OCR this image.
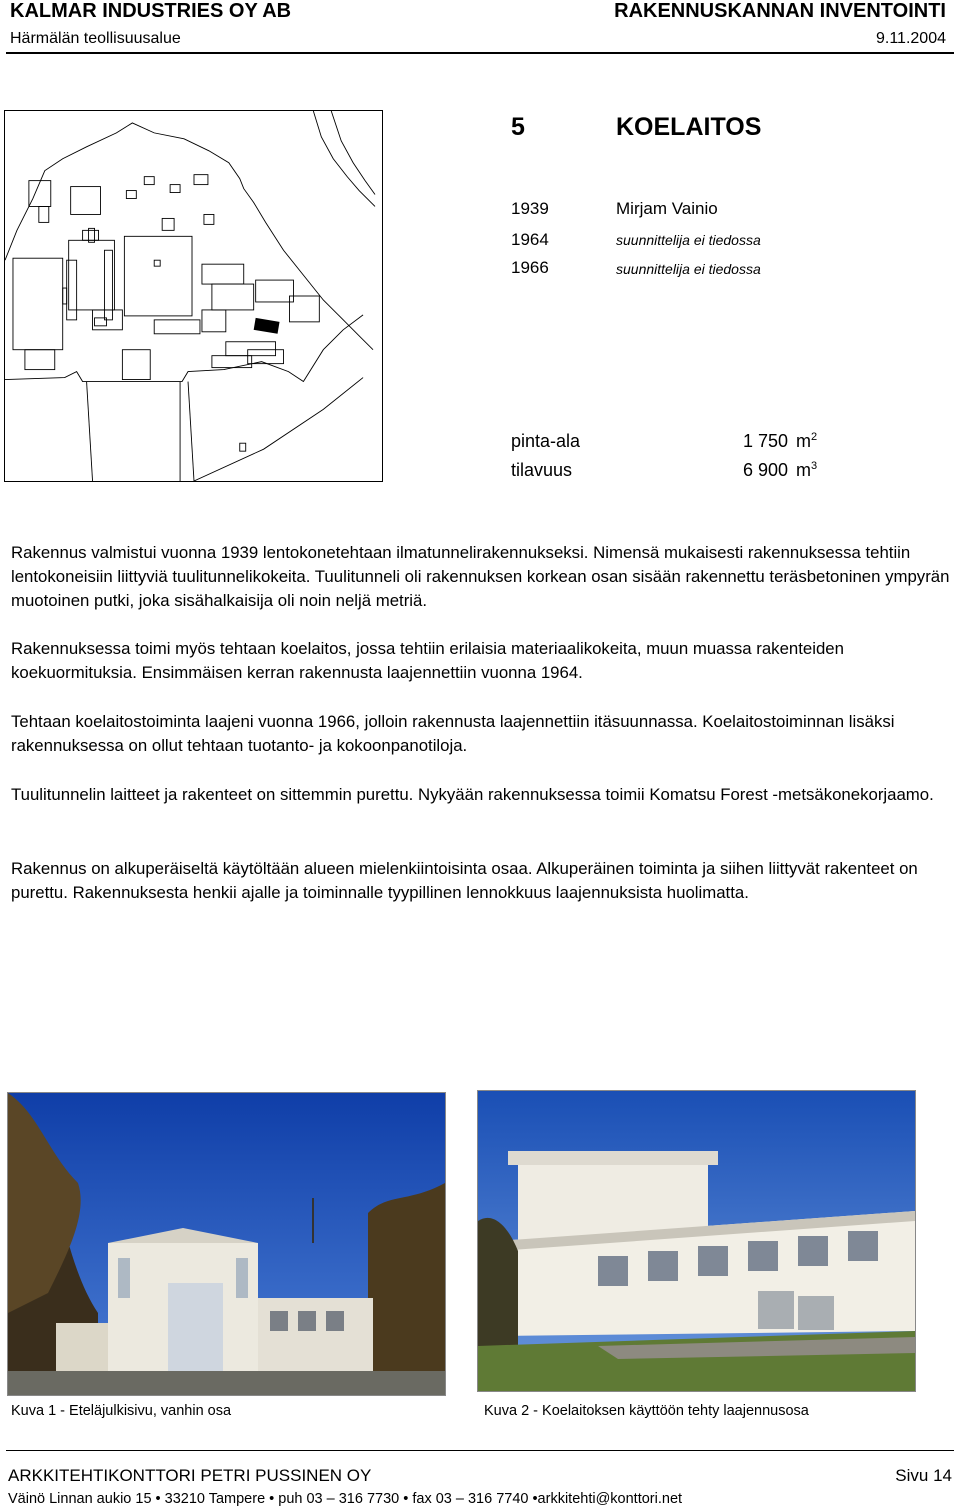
KALMAR INDUSTRIES OY AB	RAKENNUSKANNAN INVENTOINTI
Härmälän teollisuusalue	9.11.2004
5	KOELAITOS
1939	Mirjam Vainio
1964	suunnittelija ei tiedossa
1966	suunnittelija ei tiedossa
pinta-ala	1 750 $m^2$
tilavuus	6 900 $m^3$
Rakennus valmistui vuonna 1939 lentokonetehtaan ilmatunnelirakennukseksi. Nimensä mukaisesti rakennuksessa tehtiin lentokoneisiin liittyviä tuulitunnelikokeita. Tuulitunneli oli rakennuksen korkean osan sisään rakennettu teräsbetoninen ympyrän muotoinen putki, joka sisähalkaisija oli noin neljä metriä.
Rakennuksessa toimi myös tehtaan koelaitos, jossa tehtiin erilaisia materiaalikokeita, muun muassa rakenteiden koekuormituksia. Ensimmäisen kerran rakennusta laajennettiin vuonna 1964.
Tehtaan koelaitostoiminta laajeni vuonna 1966, jolloin rakennusta laajennettiin itäsuunnassa. Koelaitostoiminnan lisäksi rakennuksessa on ollut tehtaan tuotanto- ja kokoonpanotiloja.
Tuulitunnelin laitteet ja rakenteet on sittemmin purettu. Nykyään rakennuksessa toimii Komatsu Forest -metsäkonekorjaamo.
Rakennus on alkuperäiseltä käytöltään alueen mielenkiintoisinta osaa. Alkuperäinen toiminta ja siihen liittyvät rakenteet on purettu. Rakennuksesta henkii ajalle ja toiminnalle tyypillinen lennokkuus laajennuksista huolimatta.
Kuva 1 - Eteläjulkisivu, vanhin osa	Kuva 2 - Koelaitoksen käyttöön tehty laajennusosa
ARKKITEHTIKONTTORI PETRI PUSSINEN OY	Sivu 14
Väinö Linnan aukio 15 • 33210 Tampere • puh 03 – 316 7730 • fax 03 – 316 7740 •arkkitehti@konttori.net
